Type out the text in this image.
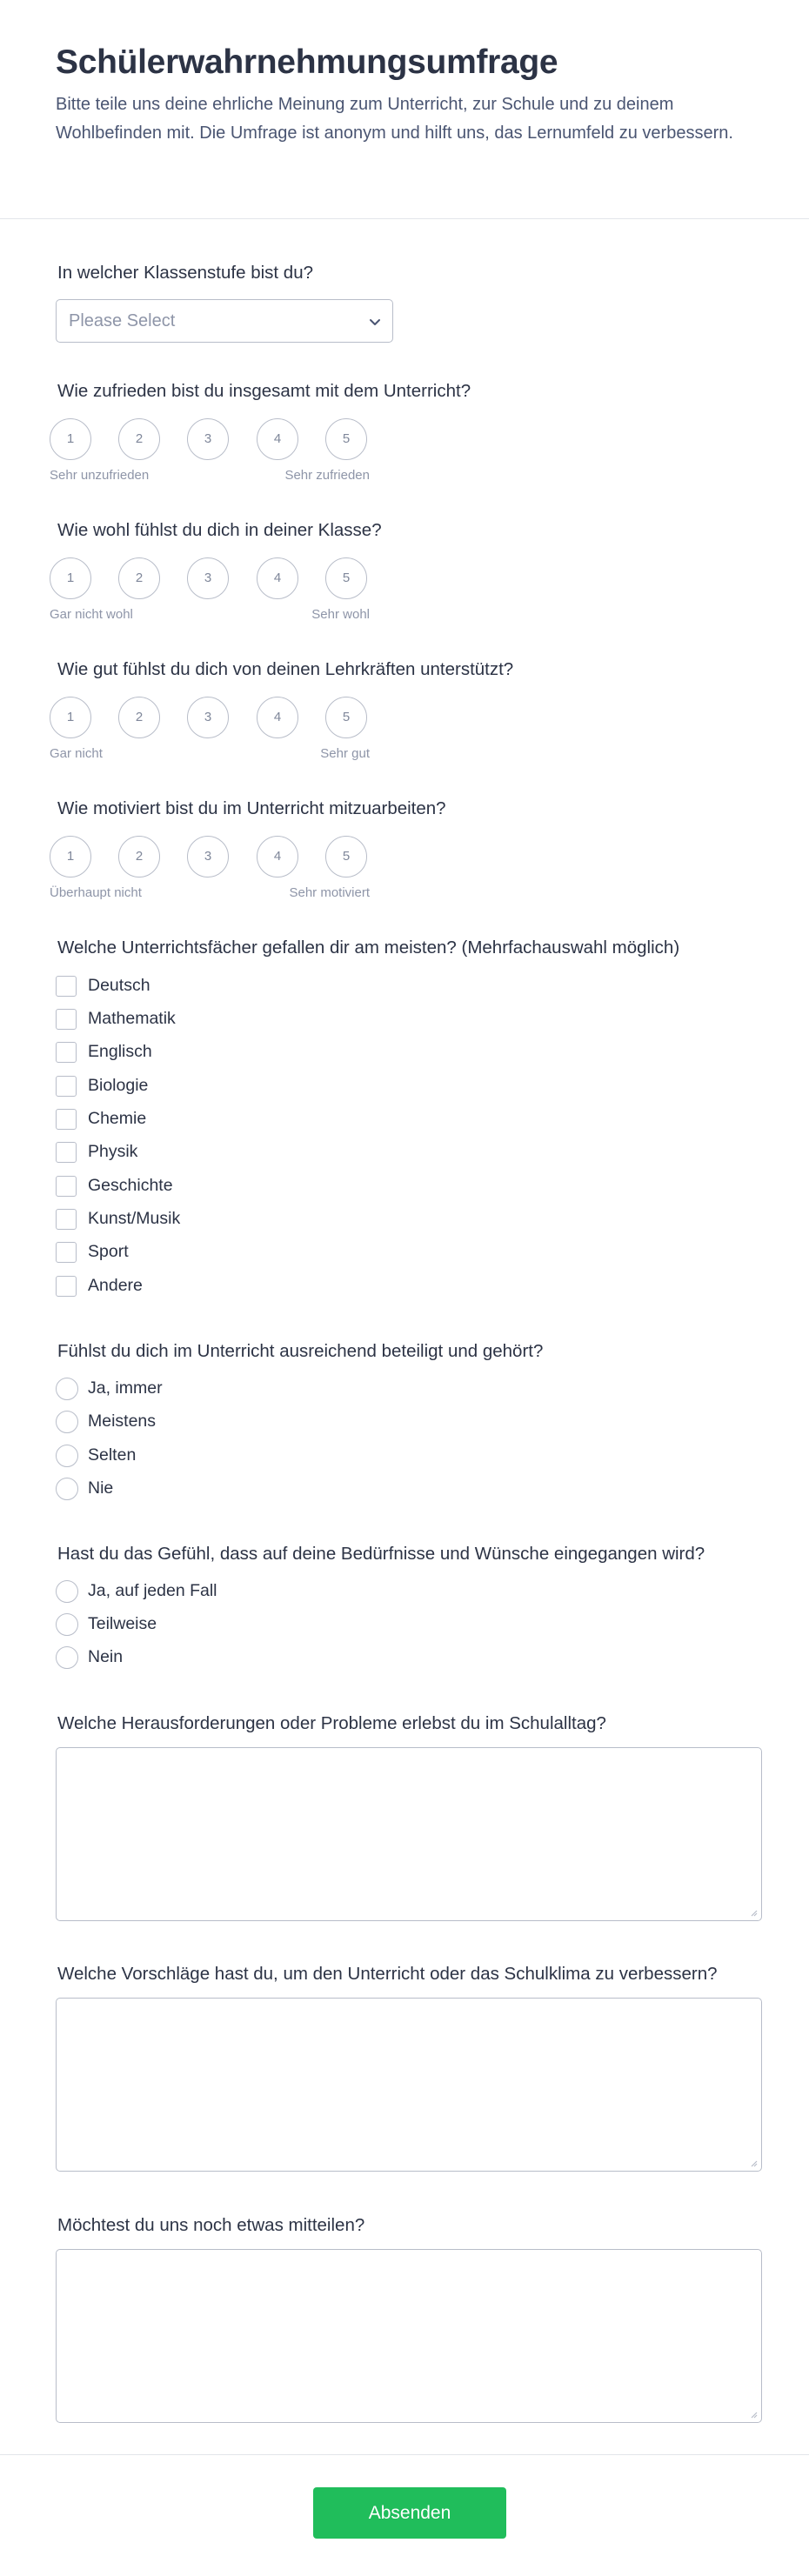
Schülerwahrnehmungsumfrage
Bitte teile uns deine ehrliche Meinung zum Unterricht, zur Schule und zu deinem Wohlbefinden mit. Die Umfrage ist anonym und hilft uns, das Lernumfeld zu verbessern.
In welcher Klassenstufe bist du?
Please Select
Wie zufrieden bist du insgesamt mit dem Unterricht?
1	2	3	4	5
Sehr unzufrieden	Sehr zufrieden
Wie wohl fühlst du dich in deiner Klasse?
1	2	3	4	5
Gar nicht wohl	Sehr wohl
Wie gut fühlst du dich von deinen Lehrkräften unterstützt?
1	2	3	4	5
Gar nicht	Sehr gut
Wie motiviert bist du im Unterricht mitzuarbeiten?
1	2	3	4	5
Überhaupt nicht	Sehr motiviert
Welche Unterrichtsfächer gefallen dir am meisten? (Mehrfachauswahl möglich)
Deutsch
Mathematik
Englisch
Biologie
Chemie
Physik
Geschichte
Kunst/Musik
Sport
Andere
Fühlst du dich im Unterricht ausreichend beteiligt und gehört?
Ja, immer
Meistens
Selten
Nie
Hast du das Gefühl, dass auf deine Bedürfnisse und Wünsche eingegangen wird?
Ja, auf jeden Fall
Teilweise
Nein
Welche Herausforderungen oder Probleme erlebst du im Schulalltag?
Welche Vorschläge hast du, um den Unterricht oder das Schulklima zu verbessern?
Möchtest du uns noch etwas mitteilen?
Absenden
